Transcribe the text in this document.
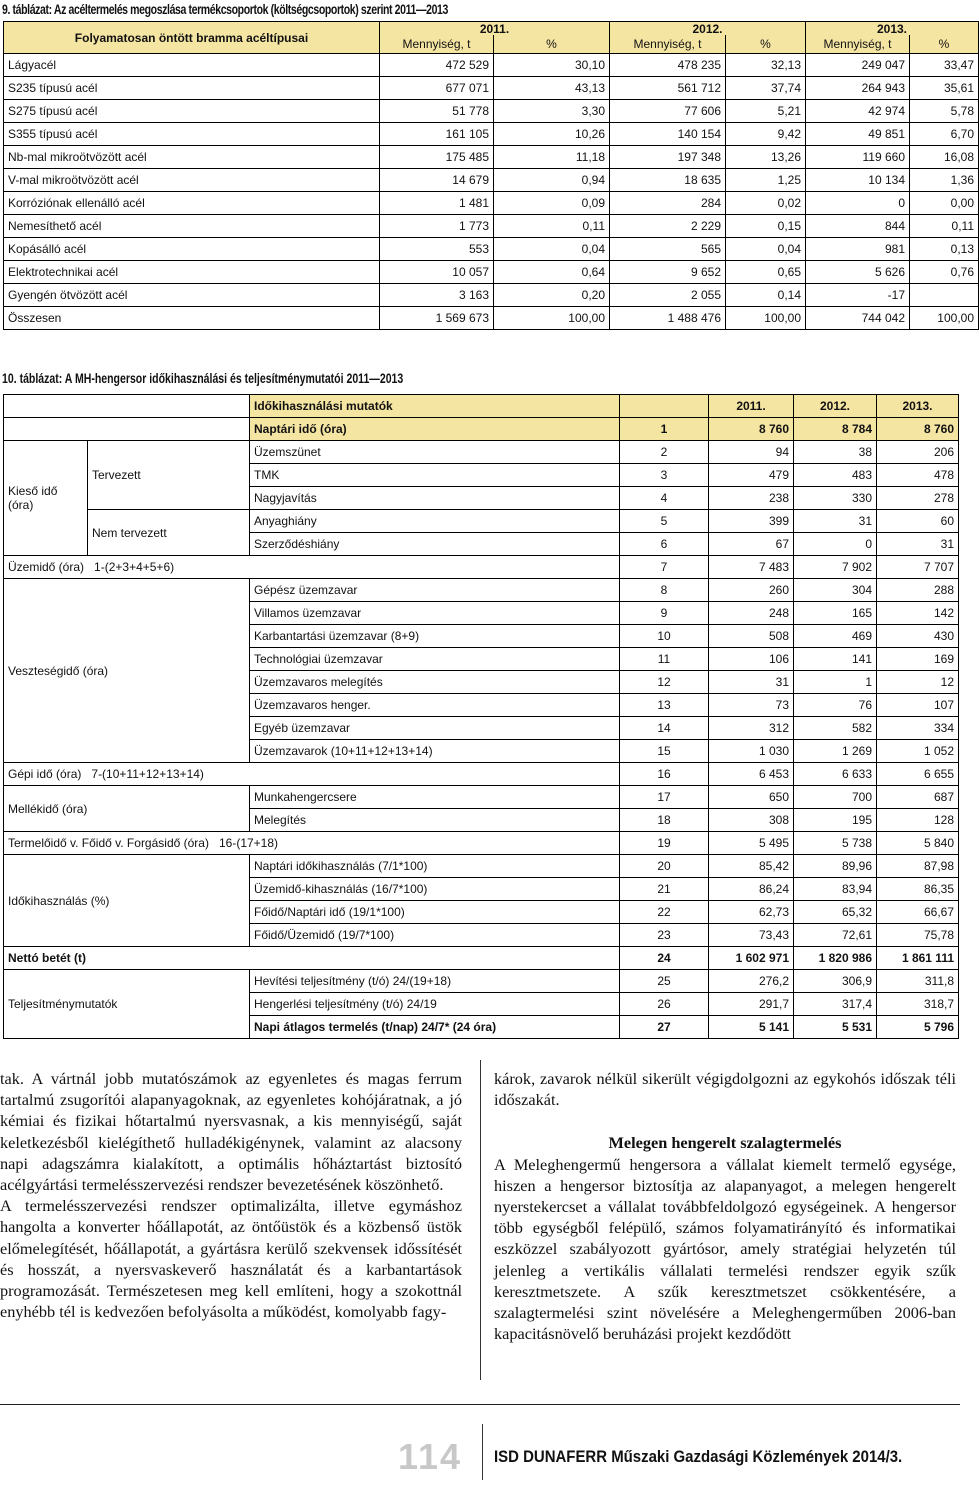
9. táblázat: Az acéltermelés megoszlása termékcsoportok (költségcsoportok) szerint 2011—2013
Folyamatosan öntött bramma acéltípusai	2011.		2012.		2013.	
	Mennyiség, t	%	Mennyiség, t	%	Mennyiség, t	%
Lágyacél	472 529	30,10	478 235	32,13	249 047	33,47
S235 típusú acél	677 071	43,13	561 712	37,74	264 943	35,61
S275 típusú acél	51 778	3,30	77 606	5,21	42 974	5,78
S355 típusú acél	161 105	10,26	140 154	9,42	49 851	6,70
Nb-mal mikroötvözött acél	175 485	11,18	197 348	13,26	119 660	16,08
V-mal mikroötvözött acél	14 679	0,94	18 635	1,25	10 134	1,36
Korróziónak ellenálló acél	1 481	0,09	284	0,02	0	0,00
Nemesíthető acél	1 773	0,11	2 229	0,15	844	0,11
Kopásálló acél	553	0,04	565	0,04	981	0,13
Elektrotechnikai acél	10 057	0,64	9 652	0,65	5 626	0,76
Gyengén ötvözött acél	3 163	0,20	2 055	0,14	-17	
Összesen	1 569 673	100,00	1 488 476	100,00	744 042	100,00
10. táblázat: A MH-hengersor időkihasználási és teljesítménymutatói 2011—2013
		Időkihasználási mutatók		2011.	2012.	2013.
		Naptári idő (óra)	1	8 760	8 784	8 760

Kieső idő
(óra)	Tervezett	Üzemszünet	2	94	38	206
		TMK	3	479	483	478
		Nagyjavítás	4	238	330	278
	Nem tervezett	Anyaghiány	5	399	31	60
		Szerződéshiány	6	67	0	31
Üzemidő (óra) 1-(2+3+4+5+6)			7	7 483	7 902	7 707
Veszteségidő (óra)		Gépész üzemzavar	8	260	304	288
		Villamos üzemzavar	9	248	165	142
		Karbantartási üzemzavar (8+9)	10	508	469	430
		Technológiai üzemzavar	11	106	141	169
		Üzemzavaros melegítés	12	31	1	12
		Üzemzavaros henger.	13	73	76	107
		Egyéb üzemzavar	14	312	582	334
		Üzemzavarok (10+11+12+13+14)	15	1 030	1 269	1 052
Gépi idő (óra) 7-(10+11+12+13+14)			16	6 453	6 633	6 655
Mellékidő (óra)		Munkahengercsere	17	650	700	687
		Melegítés	18	308	195	128
Termelőidő v. Főidő v. Forgásidő (óra) 16-(17+18)			19	5 495	5 738	5 840
Időkihasználás (%)		Naptári időkihasználás (7/1*100)	20	85,42	89,96	87,98
		Üzemidő-kihasználás (16/7*100)	21	86,24	83,94	86,35
		Főidő/Naptári idő (19/1*100)	22	62,73	65,32	66,67
		Főidő/Üzemidő (19/7*100)	23	73,43	72,61	75,78
Nettó betét (t)			24	1 602 971	1 820 986	1 861 111
Teljesítménymutatók		Hevítési teljesítmény (t/ó) 24/(19+18)	25	276,2	306,9	311,8
		Hengerlési teljesítmény (t/ó) 24/19	26	291,7	317,4	318,7
		Napi átlagos termelés (t/nap) 24/7* (24 óra)	27	5 141	5 531	5 796

tak. A vártnál jobb mutatószámok az egyenletes és magas ferrum tartalmú zsugorítói alapanyagoknak, az egyenletes kohójáratnak, a jó kémiai és fizikai hőtartalmú nyersvasnak, a kis mennyiségű, saját keletkezésből kielégíthető hulladékigénynek, valamint az alacsony napi adagszámra kialakított, a optimális hőháztartást biztosító acélgyártási termelésszervezési rendszer bevezetésének köszönhető.

A termelésszervezési rendszer optimalizálta, illetve egymáshoz hangolta a konverter hőállapotát, az öntőüstök és a közbenső üstök előmelegítését, hőállapotát, a gyártásra kerülő szekvensek időssítését és hosszát, a nyersvaskeverő használatát és a karbantartások programozását. Természetesen meg kell említeni, hogy a szokottnál enyhébb tél is kedvezően befolyásolta a működést, komolyabb fagy-

károk, zavarok nélkül sikerült végigdolgozni az egykohós időszak téli időszakát.

Melegen hengerelt szalagtermelés

A Meleghengermű hengersora a vállalat kiemelt termelő egysége, hiszen a hengersor biztosítja az alapanyagot, a melegen hengerelt nyerstekercset a vállalat továbbfeldolgozó egységeinek. A hengersor több egységből felépülő, számos folyamatirányító és informatikai eszközzel szabályozott gyártósor, amely stratégiai helyzetén túl jelenleg a vertikális vállalati termelési rendszer egyik szűk keresztmetszete. A szűk keresztmetszet csökkentésére, a szalagtermelési szint növelésére a Meleghengerműben 2006-ban kapacitásnövelő beruházási projekt kezdődött

114 ISD DUNAFERR Műszaki Gazdasági Közlemények 2014/3.
